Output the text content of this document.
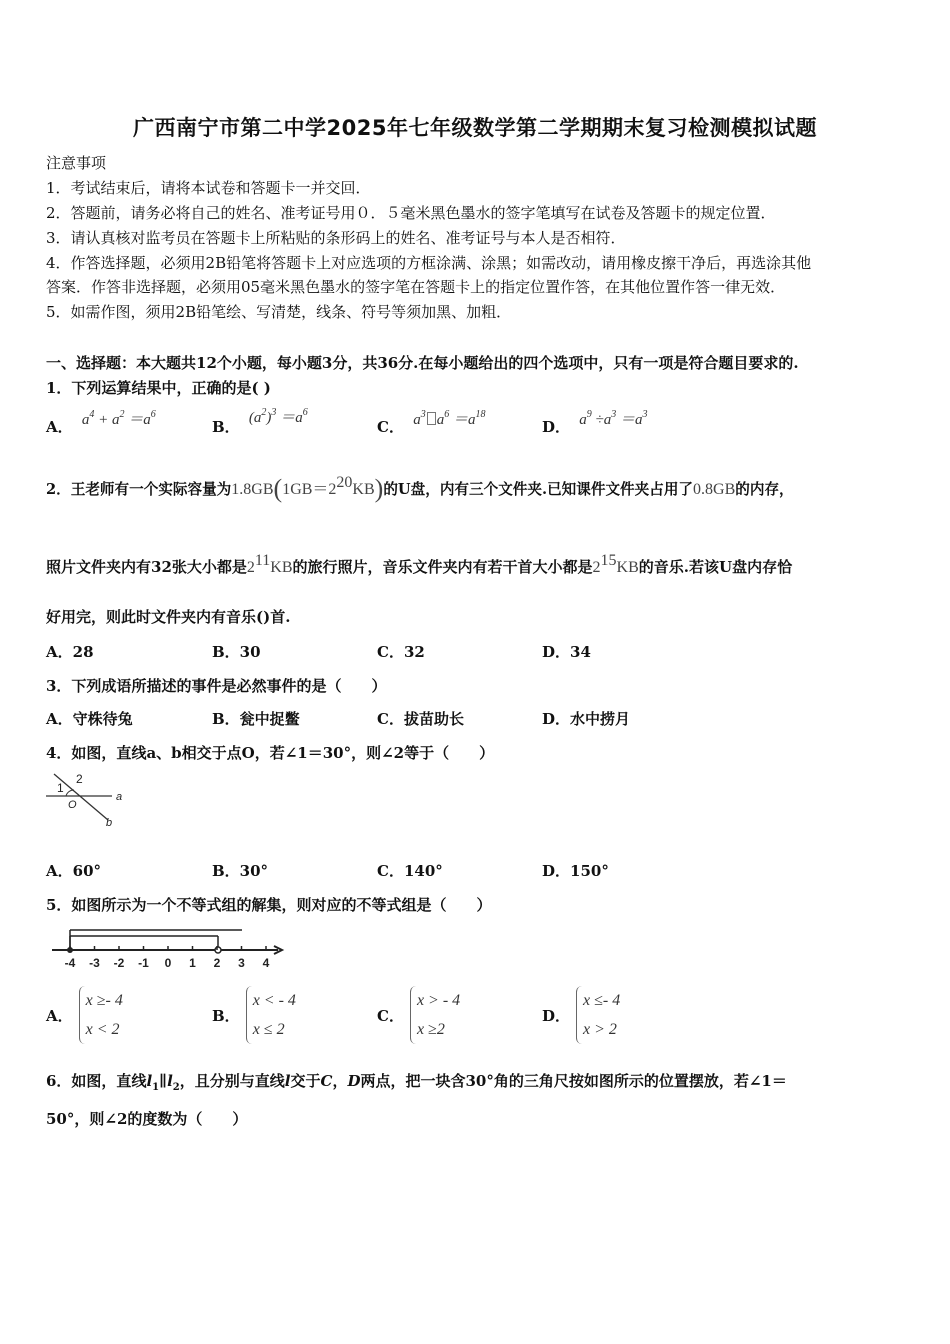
广西南宁市第二中学2025年七年级数学第二学期期末复习检测模拟试题
注意事项
1．考试结束后，请将本试卷和答题卡一并交回．
2．答题前，请务必将自己的姓名、准考证号用０．５毫米黑色墨水的签字笔填写在试卷及答题卡的规定位置．
3．请认真核对监考员在答题卡上所粘贴的条形码上的姓名、准考证号与本人是否相符．
4．作答选择题，必须用2B铅笔将答题卡上对应选项的方框涂满、涂黑；如需改动，请用橡皮擦干净后，再选涂其他
答案．作答非选择题，必须用05毫米黑色墨水的签字笔在答题卡上的指定位置作答，在其他位置作答一律无效．
5．如需作图，须用2B铅笔绘、写清楚，线条、符号等须加黑、加粗．
一、选择题：本大题共12个小题，每小题3分，共36分.在每小题给出的四个选项中，只有一项是符合题目要求的.
1．下列运算结果中，正确的是( )
A． $a^4 + a^2 =a^6$
B． $(a^2)^3 =a^6$
C． $a^3$ $a^6 =a^{18}$
D． $a^9 \div a^3 =a^3$
2．王老师有一个实际容量为1.8GB(1GB＝220KB)的U盘，内有三个文件夹.已知课件文件夹占用了0.8GB的内存，
照片文件夹内有32张大小都是211KB的旅行照片，音乐文件夹内有若干首大小都是215KB的音乐.若该U盘内存恰
好用完，则此时文件夹内有音乐()首.
A．28	B．30	C．32	D．34
3．下列成语所描述的事件是必然事件的是（　　）
A．守株待兔	B．瓮中捉鳖	C．拔苗助长	D．水中捞月
4．如图，直线a、b相交于点O，若∠1＝30°，则∠2等于（　　）
1
2
O
a
b
A．60°	B．30°	C．140°	D．150°
5．如图所示为一个不等式组的解集，则对应的不等式组是（　　）
-4 -3 -2 -1 0 1 2 3 4
A．
x ≥- 4
x < 2
B．
x < - 4
x ≤ 2
C．
x > - 4
x ≥2
D．
x ≤- 4
x > 2
6．如图，直线$l_1\parallel l_2$，且分别与直线l交于C，D两点，把一块含30°角的三角尺按如图所示的位置摆放，若∠1＝
50°，则∠2的度数为（　　）
